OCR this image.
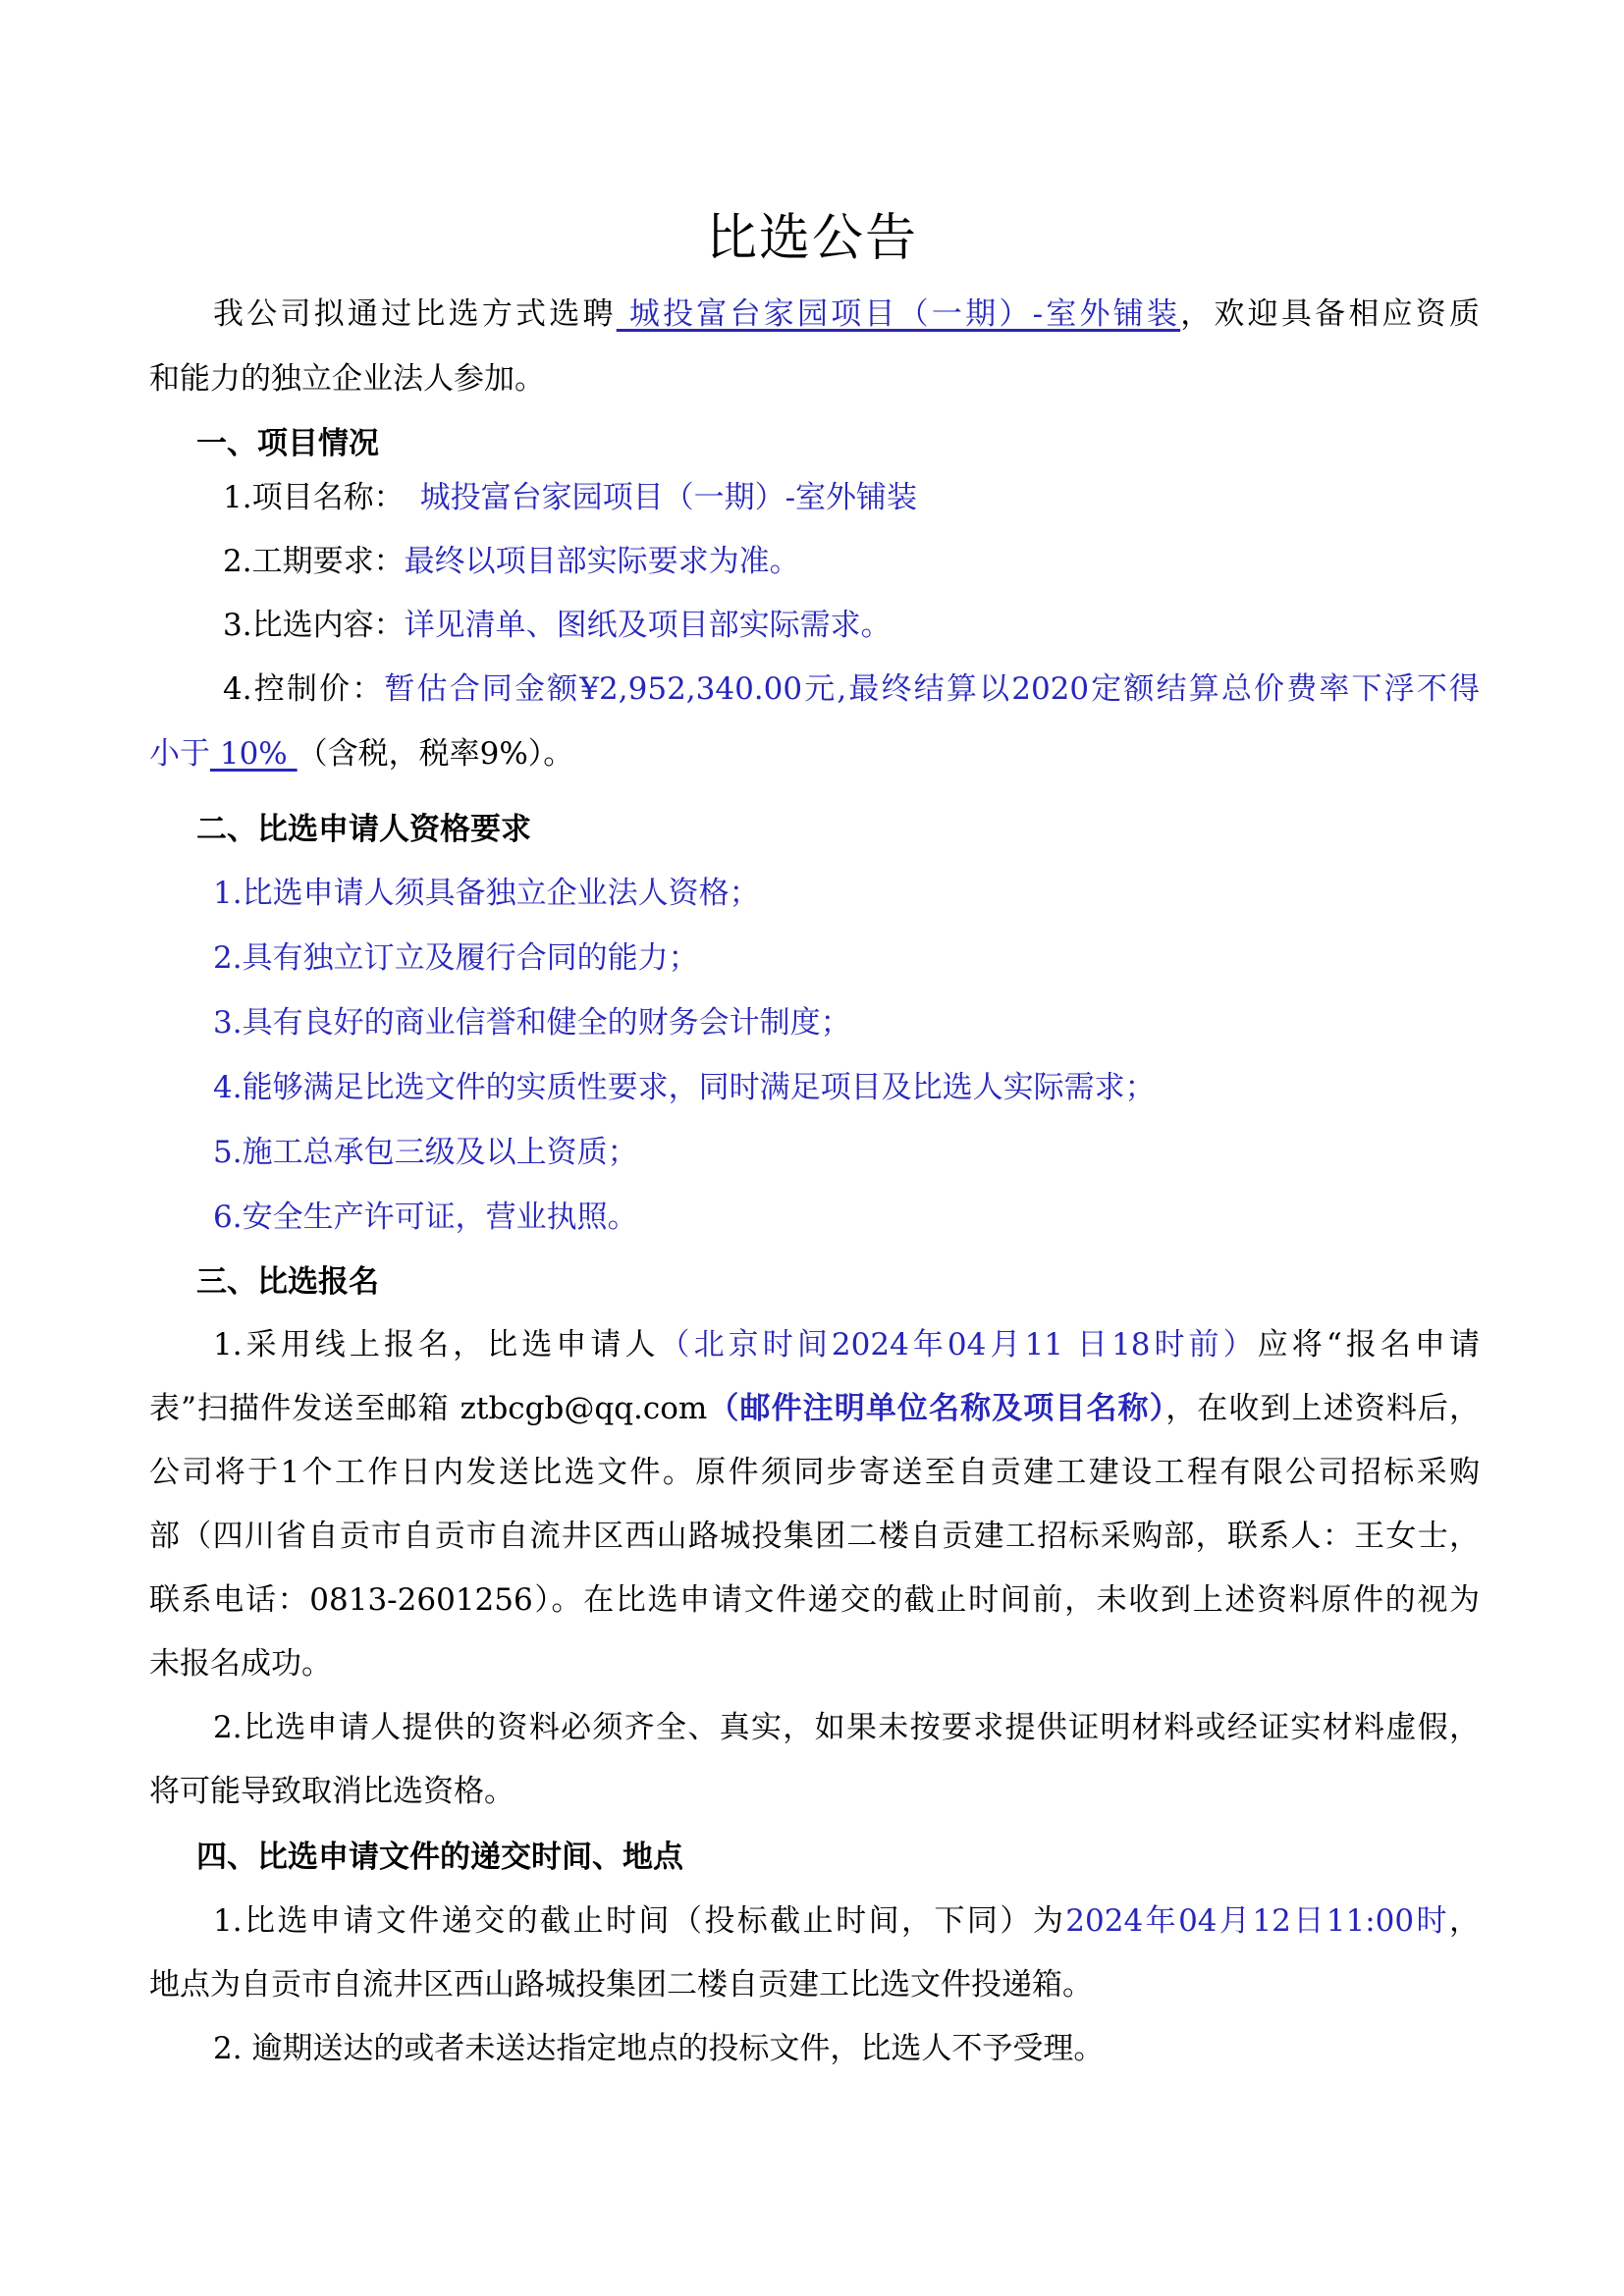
比选公告
我公司拟通过比选方式选聘 城投富台家园项目（一期）-室外铺装，欢迎具备相应资质
和能力的独立企业法人参加。
一、项目情况
1.项目名称： 城投富台家园项目（一期）-室外铺装
2.工期要求：最终以项目部实际要求为准。
3.比选内容：详见清单、图纸及项目部实际需求。
4.控制价：暂估合同金额¥2,952,340.00元,最终结算以2020定额结算总价费率下浮不得
小于 10% （含税，税率9%）。
二、比选申请人资格要求
1.比选申请人须具备独立企业法人资格；
2.具有独立订立及履行合同的能力；
3.具有良好的商业信誉和健全的财务会计制度；
4.能够满足比选文件的实质性要求，同时满足项目及比选人实际需求；
5.施工总承包三级及以上资质；
6.安全生产许可证，营业执照。
三、比选报名
1.采用线上报名，比选申请人（北京时间2024年04月11 日18时前）应将“报名申请
表”扫描件发送至邮箱 ztbcgb@qq.com（邮件注明单位名称及项目名称），在收到上述资料后，
公司将于1个工作日内发送比选文件。原件须同步寄送至自贡建工建设工程有限公司招标采购
部（四川省自贡市自贡市自流井区西山路城投集团二楼自贡建工招标采购部，联系人：王女士，
联系电话：0813-2601256）。在比选申请文件递交的截止时间前，未收到上述资料原件的视为
未报名成功。
2.比选申请人提供的资料必须齐全、真实，如果未按要求提供证明材料或经证实材料虚假，
将可能导致取消比选资格。
四、比选申请文件的递交时间、地点
1.比选申请文件递交的截止时间（投标截止时间，下同）为2024年04月12日11:00时，
地点为自贡市自流井区西山路城投集团二楼自贡建工比选文件投递箱。
2. 逾期送达的或者未送达指定地点的投标文件，比选人不予受理。
